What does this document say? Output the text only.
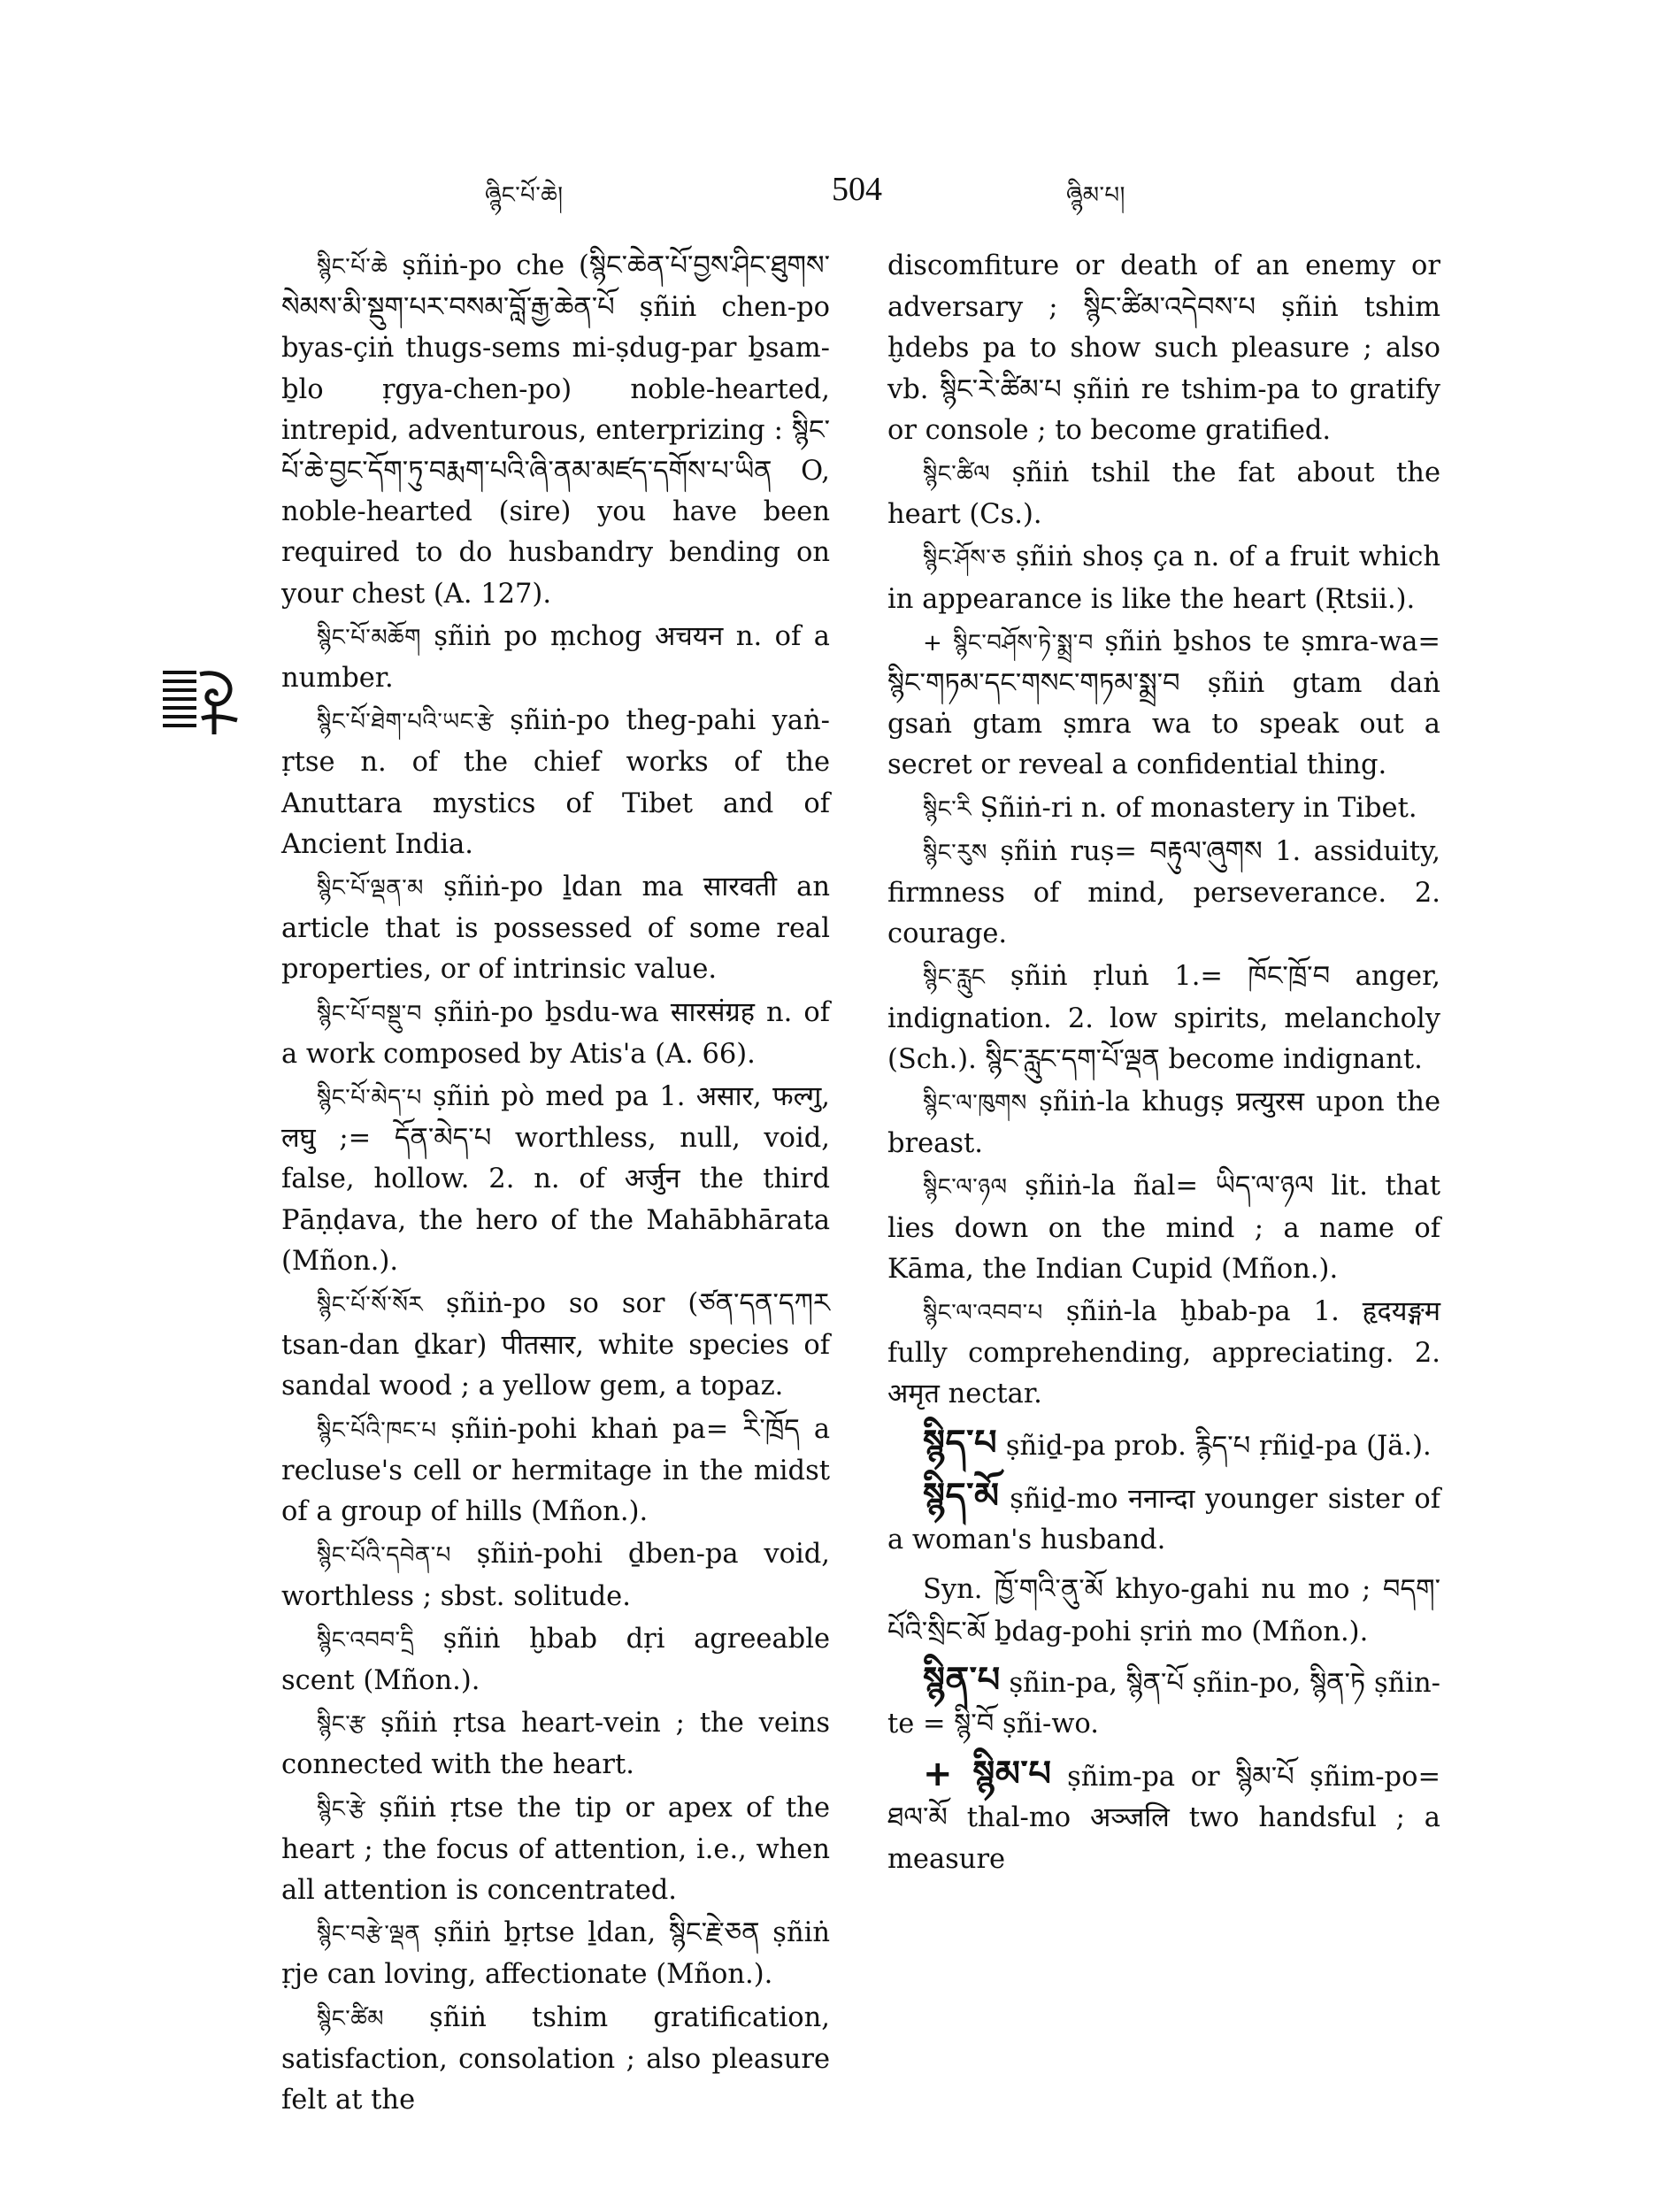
ཞྙིང་པོ་ཆེ།	504	ཞྙིམ་པ།

སྙིང་པོ་ཆེ ṣñiṅ-po che (སྙིང་ཆེན་པོ་བྱས་ཤིང་ཐུགས་སེམས་མི་སྡུག་པར་བསམ་བློ་རྒྱ་ཆེན་པོ ṣñiṅ chen-po byas-çiṅ thugs-sems mi-ṣdug-par ḇsam-ḇlo ṛgya-chen-po) noble-hearted, intrepid, adventurous, enterprizing : སྙིང་པོ་ཆེ་བྱང་དོག་ཏུ་བརྨག་པའི་ཞི་ནམ་མཛད་དགོས་པ་ཡིན O, noble-hearted (sire) you have been required to do husbandry bending on your chest (A. 127).

སྙིང་པོ་མཆོག ṣñiṅ po ṃchog अचयन n. of a number.

སྙིང་པོ་ཐེག་པའི་ཡང་རྩེ ṣñiṅ-po theg-pahi yaṅ-ṛtse n. of the chief works of the Anuttara mystics of Tibet and of Ancient India.

སྙིང་པོ་ལྡན་མ ṣñiṅ-po ḻdan ma सारवती an article that is possessed of some real properties, or of intrinsic value.

སྙིང་པོ་བསྡུ་བ ṣñiṅ-po ḇsdu-wa सारसंग्रह n. of a work composed by Atis'a (A. 66).

སྙིང་པོ་མེད་པ ṣñiṅ pò med pa 1. असार, फल्गु, लघु ;= དོན་མེད་པ worthless, null, void, false, hollow. 2. n. of अर्जुन the third Pāṇḍava, the hero of the Mahābhārata (Mñon.).

སྙིང་པོ་སོ་སོར ṣñiṅ-po so sor (ཙན་དན་དཀར tsan-dan ḏkar) पीतसार, white species of sandal wood ; a yellow gem, a topaz.

སྙིང་པོའི་ཁང་པ ṣñiṅ-pohi khaṅ pa= རི་ཁྲོད a recluse's cell or hermitage in the midst of a group of hills (Mñon.).

སྙིང་པོའི་དབེན་པ ṣñiṅ-pohi ḏben-pa void, worthless ; sbst. solitude.

སྙིང་འབབ་དྲི ṣñiṅ ḫbab dṛi agreeable scent (Mñon.).

སྙིང་རྩ ṣñiṅ ṛtsa heart-vein ; the veins connected with the heart.

སྙིང་རྩེ ṣñiṅ ṛtse the tip or apex of the heart ; the focus of attention, i.e., when all attention is concentrated.

སྙིང་བརྩེ་ལྡན ṣñiṅ ḇṛtse ḻdan, སྙིང་རྗེ་ཅན ṣñiṅ ṛje can loving, affectionate (Mñon.).

སྙིང་ཚིམ ṣñiṅ tshim gratification, satisfaction, consolation ; also pleasure felt at the

discomfiture or death of an enemy or adversary ; སྙིང་ཚིམ་འདེབས་པ ṣñiṅ tshim ḫdebs pa to show such pleasure ; also vb. སྙིང་རེ་ཚིམ་པ ṣñiṅ re tshim-pa to gratify or console ; to become gratified.

སྙིང་ཚིལ ṣñiṅ tshil the fat about the heart (Cs.).

སྙིང་ཤོས་ཅ ṣñiṅ shoṣ ça n. of a fruit which in appearance is like the heart (Ṛtsii.).

+ སྙིང་བཤོས་ཏེ་སྨྲ་བ ṣñiṅ ḇshos te ṣmra-wa= སྙིང་གཏམ་དང་གསང་གཏམ་སྨྲ་བ ṣñiṅ gtam daṅ gsaṅ gtam ṣmra wa to speak out a secret or reveal a confidential thing.

སྙིང་རི Ṣñiṅ-ri n. of monastery in Tibet.

སྙིང་རུས ṣñiṅ ruṣ= བརྟུལ་ཞུགས 1. assiduity, firmness of mind, perseverance. 2. courage.

སྙིང་རླུང ṣñiṅ ṛluṅ 1.= ཁོང་ཁྲོ་བ anger, indignation. 2. low spirits, melancholy (Sch.). སྙིང་རླུང་དག་པོ་ལྡན become indignant.

སྙིང་ལ་ཁུགས ṣñiṅ-la khugṣ प्रत्युरस upon the breast.

སྙིང་ལ་ཉལ ṣñiṅ-la ñal= ཡིད་ལ་ཉལ lit. that lies down on the mind ; a name of Kāma, the Indian Cupid (Mñon.).

སྙིང་ལ་འབབ་པ ṣñiṅ-la ḫbab-pa 1. हृदयङ्गम fully comprehending, appreciating. 2. अमृत nectar.

སྙིད་པ ṣñiḏ-pa prob. རྙིད་པ ṛñiḏ-pa (Jä.).

སྙིད་མོ ṣñiḏ-mo ननान्दा younger sister of a woman's husband.

Syn. ཁྱོ་གའི་ནུ་མོ khyo-gahi nu mo ; བདག་པོའི་སྲིང་མོ ḇdag-pohi ṣriṅ mo (Mñon.).

སྙིན་པ ṣñin-pa, སྙིན་པོ ṣñin-po, སྙིན་ཏེ ṣñin-te = སྙི་བོ ṣñi-wo.

+ སྙིམ་པ ṣñim-pa or སྙིམ་པོ ṣñim-po= ཐལ་མོ thal-mo अञ्जलि two handsful ; a measure
